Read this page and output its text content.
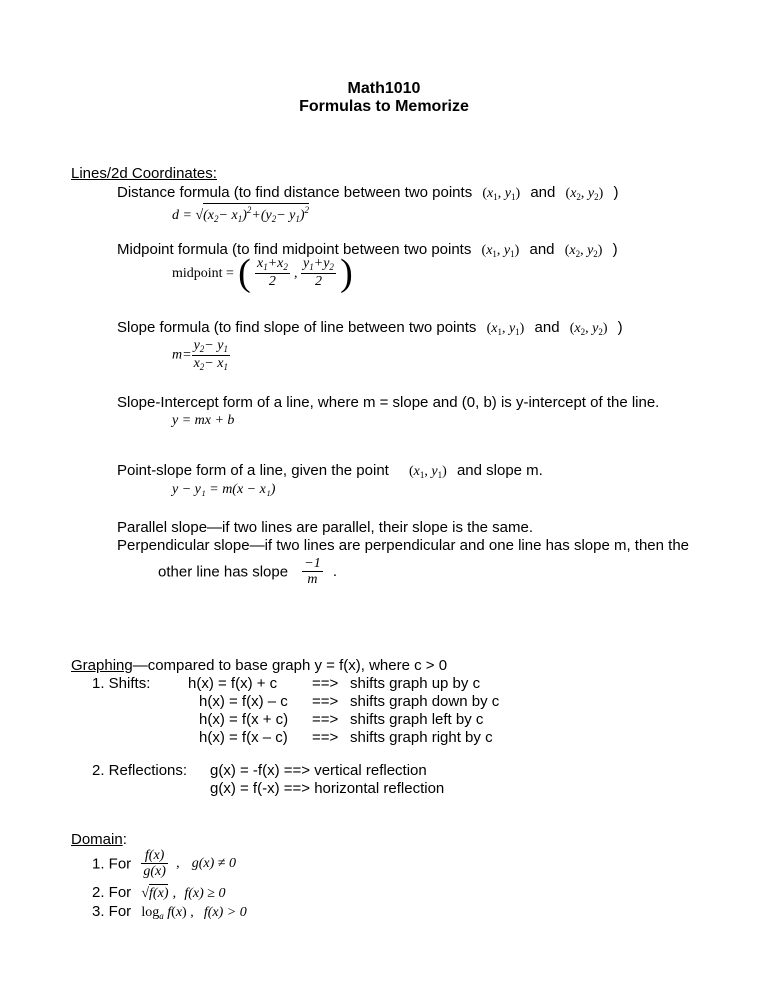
Math1010
Formulas to Memorize
Lines/2d Coordinates:
Distance formula (to find distance between two points ($x_1$, $y_1$) and ($x_2$, $y_2$) )
$d = √(x_2- x_1)^2+(y_2- y_1)^2$
Midpoint formula (to find midpoint between two points ($x_1$, $y_1$) and ($x_2$, $y_2$) )
midpoint = ( $\frac{x_1+x_2}{2}$ , $\frac{y_1+y_2}{2}$ )
Slope formula (to find slope of line between two points ($x_1$, $y_1$) and ($x_2$, $y_2$) )
$m= \frac{y_2- y_1}{x_2- x_1}$
Slope-Intercept form of a line, where m = slope and (0, b) is y-intercept of the line.
y = mx + b
Point-slope form of a line, given the point ($x_1$, $y_1$) and slope m.
y − y₁ = m(x − x₁)
Parallel slope—if two lines are parallel, their slope is the same.
Perpendicular slope—if two lines are perpendicular and one line has slope m, then the
other line has slope $\frac{-1}{m}$ .
Graphing—compared to base graph y = f(x), where c > 0
1. Shifts:	h(x) = f(x) + c ==> shifts graph up by c
h(x) = f(x) – c ==> shifts graph down by c
h(x) = f(x + c) ==> shifts graph left by c
h(x) = f(x – c) ==> shifts graph right by c
2. Reflections: g(x) = -f(x) ==> vertical reflection
g(x) = f(-x) ==> horizontal reflection
Domain:
1. For $\frac{f(x)}{g(x)}$ , g(x) ≠ 0
2. For √f(x) , f(x) ≥ 0
3. For $\log_a f(x)$ , f(x) > 0
